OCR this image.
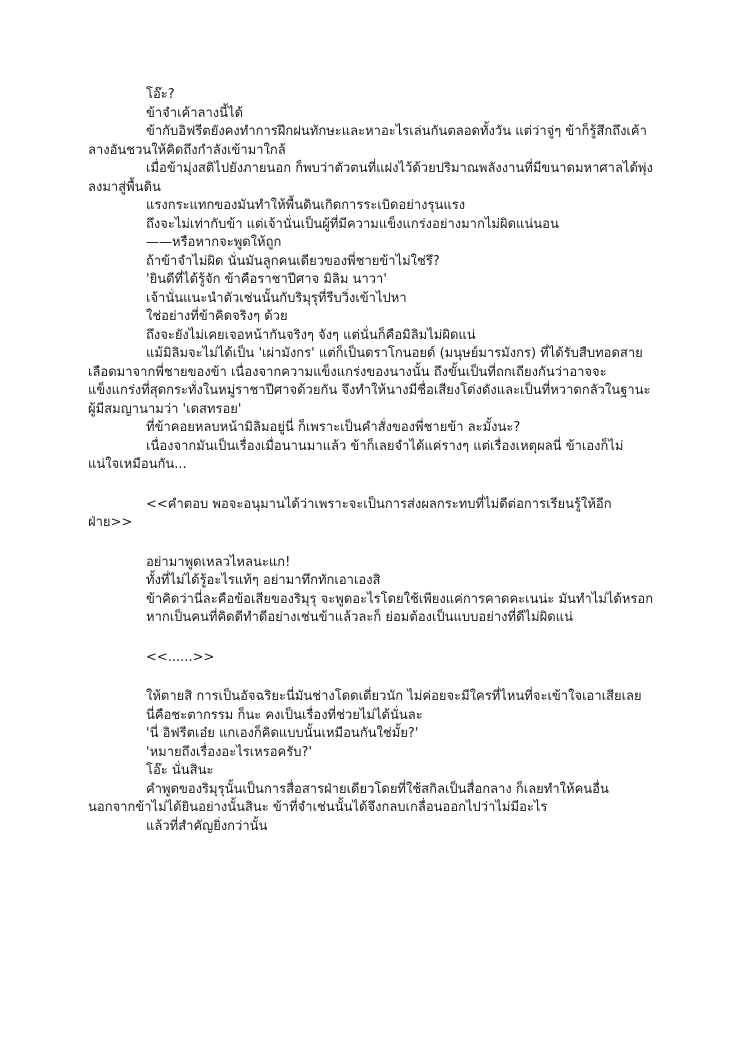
โอ๊ะ?

ข้าจำเค้าลางนี้ได้

ข้ากับอิฟรีตยังคงทำการฝึกฝนทักษะและหาอะไรเล่นกันตลอดทั้งวัน แต่ว่าจู่ๆ ข้าก็รู้สึกถึงเค้าลางอันชวนให้คิดถึงกำลังเข้ามาใกล้

เมื่อข้ามุ่งสติไปยังภายนอก ก็พบว่าตัวตนที่แฝงไว้ด้วยปริมาณพลังงานที่มีขนาดมหาศาลได้พุ่งลงมาสู่พื้นดิน

แรงกระแทกของมันทำให้พื้นดินเกิดการระเบิดอย่างรุนแรง

ถึงจะไม่เท่ากับข้า แต่เจ้านั่นเป็นผู้ที่มีความแข็งแกร่งอย่างมากไม่ผิดแน่นอน

——หรือหากจะพูดให้ถูก

ถ้าข้าจำไม่ผิด นั่นมันลูกคนเดียวของพี่ชายข้าไม่ใช่รึ?

'ยินดีที่ได้รู้จัก ข้าคือราชาปีศาจ มิลิม นาวา'

เจ้านั่นแนะนำตัวเช่นนั้นกับริมุรุที่รีบวิ่งเข้าไปหา

ใช่อย่างที่ข้าคิดจริงๆ ด้วย

ถึงจะยังไม่เคยเจอหน้ากันจริงๆ จังๆ แต่นั่นก็คือมิลิมไม่ผิดแน่

แม้มิลิมจะไม่ได้เป็น 'เผ่ามังกร' แต่ก็เป็นดราโกนอยด์ (มนุษย์มารมังกร) ที่ได้รับสืบทอดสายเลือดมาจากพี่ชายของข้า เนื่องจากความแข็งแกร่งของนางนั้น ถึงขั้นเป็นที่ถกเถียงกันว่าอาจจะแข็งแกร่งที่สุดกระทั่งในหมู่ราชาปีศาจด้วยกัน จึงทำให้นางมีชื่อเสียงโด่งดังและเป็นที่หวาดกลัวในฐานะผู้มีสมญานามว่า 'เดสทรอย'

ที่ข้าคอยหลบหน้ามิลิมอยู่นี่ ก็เพราะเป็นคำสั่งของพี่ชายข้า ละมั้งนะ?

เนื่องจากมันเป็นเรื่องเมื่อนานมาแล้ว ข้าก็เลยจำได้แค่รางๆ แต่เรื่องเหตุผลนี่ ข้าเองก็ไม่แน่ใจเหมือนกัน...

<<คำตอบ พอจะอนุมานได้ว่าเพราะจะเป็นการส่งผลกระทบที่ไม่ดีต่อการเรียนรู้ให้อีกฝ่าย>>

อย่ามาพูดเหลวไหลนะแก!

ทั้งที่ไม่ได้รู้อะไรแท้ๆ อย่ามาทึกทักเอาเองสิ

ข้าคิดว่านี่ละคือข้อเสียของริมุรุ จะพูดอะไรโดยใช้เพียงแค่การคาดคะเนน่ะ มันทำไม่ได้หรอก

หากเป็นคนที่คิดดีทำดีอย่างเช่นข้าแล้วละก็ ย่อมต้องเป็นแบบอย่างที่ดีไม่ผิดแน่

<<......>>

ให้ตายสิ การเป็นอัจฉริยะนี่มันช่างโดดเดี่ยวนัก ไม่ค่อยจะมีใครที่ไหนที่จะเข้าใจเอาเสียเลย

นี่คือชะตากรรม ก็นะ คงเป็นเรื่องที่ช่วยไม่ได้นั่นละ

'นี่ อิฟรีตเอ๋ย แกเองก็คิดแบบนั้นเหมือนกันใช่มั้ย?'

'หมายถึงเรื่องอะไรเหรอครับ?'

โอ๊ะ นั่นสินะ

คำพูดของริมุรุนั้นเป็นการสื่อสารฝ่ายเดียวโดยที่ใช้สกิลเป็นสื่อกลาง ก็เลยทำให้คนอื่นนอกจากข้าไม่ได้ยินอย่างนั้นสินะ ข้าที่จำเช่นนั้นได้จึงกลบเกลื่อนออกไปว่าไม่มีอะไร

แล้วที่สำคัญยิ่งกว่านั้น
